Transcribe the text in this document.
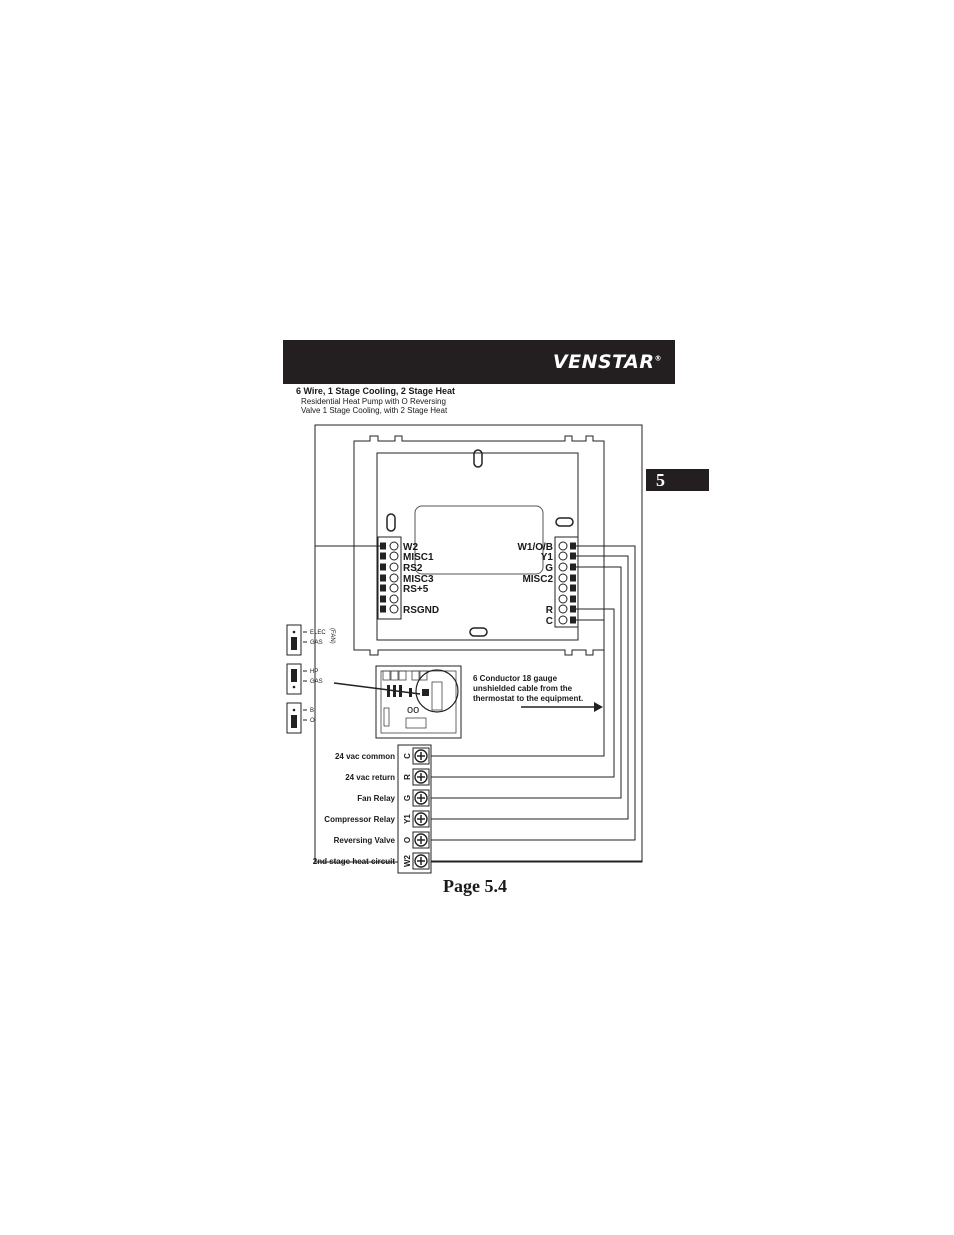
VENSTAR®
5
6 Wire, 1 Stage Cooling, 2 Stage Heat
Residential Heat Pump with O Reversing
Valve 1 Stage Cooling, with 2 Stage Heat
W2
MISC1
RS2
MISC3
RS+5
RSGND
W1/O/B
Y1
G
MISC2
R
C
ELEC
GAS (FAN)
HP
GAS
B
O
oo
6 Conductor 18 gauge
unshielded cable from the
thermostat to the equipment.
C
24 vac common
R
24 vac return
G
Fan Relay
Y1
Compressor Relay
O
Reversing Valve
W2
2nd stage heat circuit
Page 5.4
